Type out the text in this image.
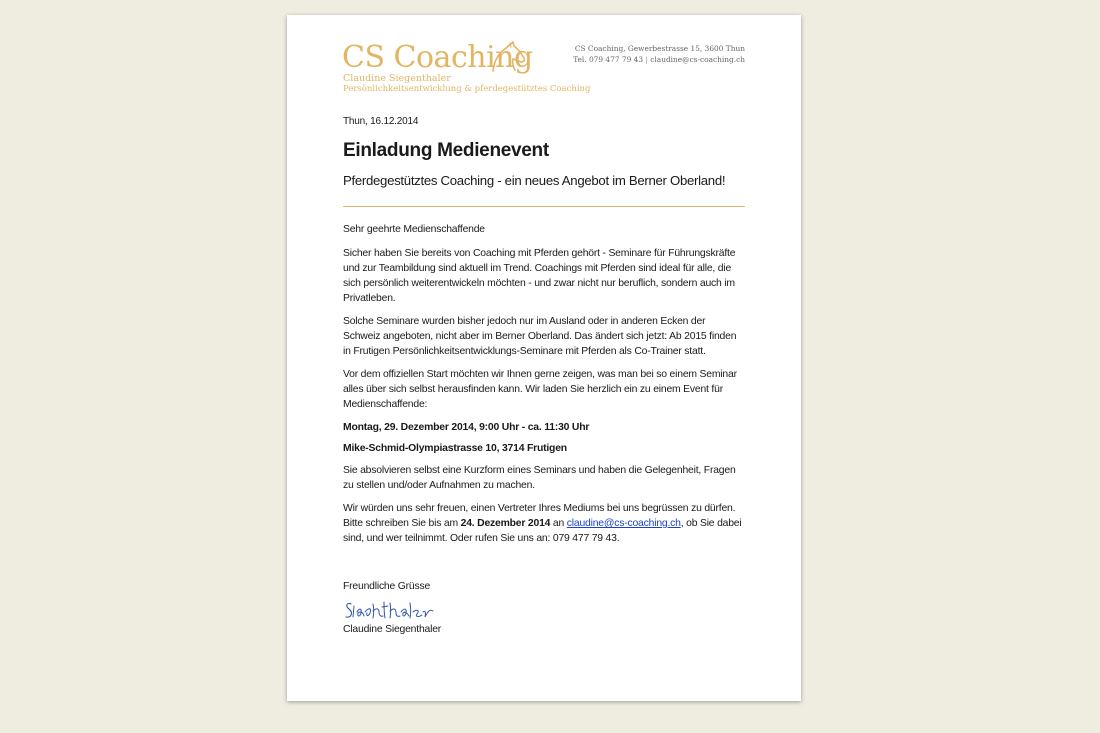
CS Coaching
Claudine Siegenthaler
Persönlichkeitsentwicklung & pferdegestütztes Coaching
CS Coaching, Gewerbestrasse 15, 3600 Thun
Tel. 079 477 79 43 | claudine@cs-coaching.ch
Thun, 16.12.2014
Einladung Medienevent
Pferdegestütztes Coaching - ein neues Angebot im Berner Oberland!

Sehr geehrte Medienschaffende

Sicher haben Sie bereits von Coaching mit Pferden gehört - Seminare für Führungskräfte und zur Teambildung sind aktuell im Trend. Coachings mit Pferden sind ideal für alle, die sich persönlich weiterentwickeln möchten - und zwar nicht nur beruflich, sondern auch im Privatleben.

Solche Seminare wurden bisher jedoch nur im Ausland oder in anderen Ecken der Schweiz angeboten, nicht aber im Berner Oberland. Das ändert sich jetzt: Ab 2015 finden in Frutigen Persönlichkeitsentwicklungs-Seminare mit Pferden als Co-Trainer statt.

Vor dem offiziellen Start möchten wir Ihnen gerne zeigen, was man bei so einem Seminar alles über sich selbst herausfinden kann. Wir laden Sie herzlich ein zu einem Event für Medienschaffende:

Montag, 29. Dezember 2014, 9:00 Uhr - ca. 11:30 Uhr

Mike-Schmid-Olympiastrasse 10, 3714 Frutigen

Sie absolvieren selbst eine Kurzform eines Seminars und haben die Gelegenheit, Fragen zu stellen und/oder Aufnahmen zu machen.

Wir würden uns sehr freuen, einen Vertreter Ihres Mediums bei uns begrüssen zu dürfen. Bitte schreiben Sie bis am 24. Dezember 2014 an claudine@cs-coaching.ch, ob Sie dabei sind, und wer teilnimmt. Oder rufen Sie uns an: 079 477 79 43.

Freundliche Grüsse

Claudine Siegenthaler
